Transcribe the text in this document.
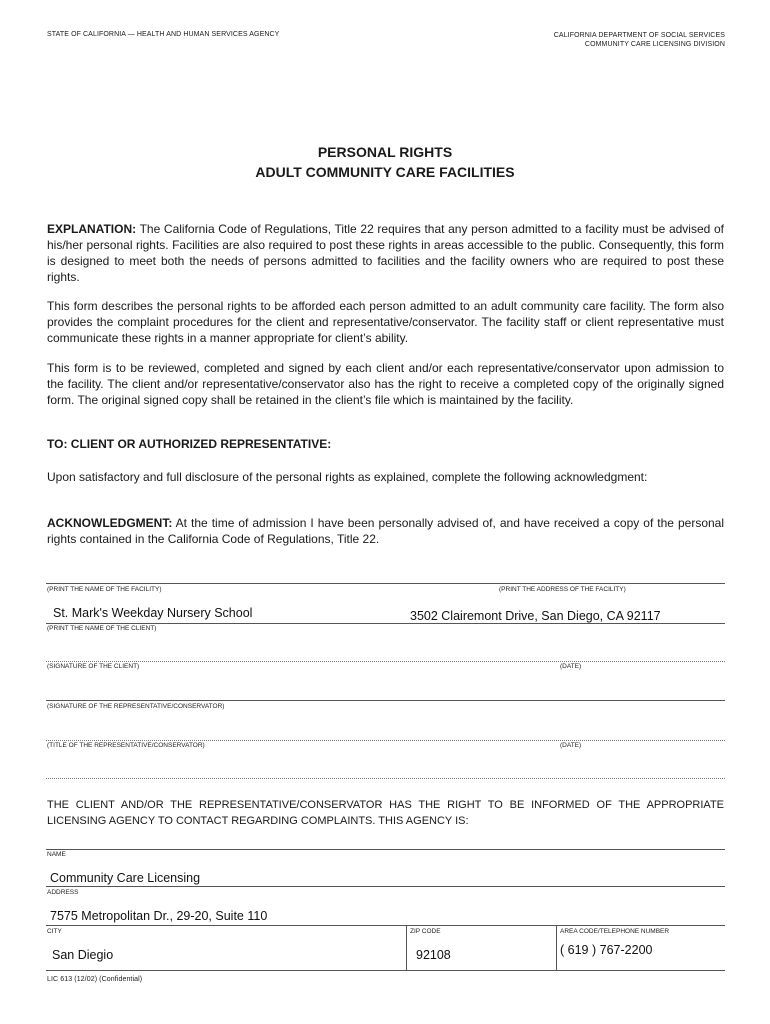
STATE OF CALIFORNIA — HEALTH AND HUMAN SERVICES AGENCY	CALIFORNIA DEPARTMENT OF SOCIAL SERVICES
COMMUNITY CARE LICENSING DIVISION
PERSONAL RIGHTS
ADULT COMMUNITY CARE FACILITIES
EXPLANATION: The California Code of Regulations, Title 22 requires that any person admitted to a facility must be advised of his/her personal rights. Facilities are also required to post these rights in areas accessible to the public. Consequently, this form is designed to meet both the needs of persons admitted to facilities and the facility owners who are required to post these rights.
This form describes the personal rights to be afforded each person admitted to an adult community care facility. The form also provides the complaint procedures for the client and representative/conservator. The facility staff or client representative must communicate these rights in a manner appropriate for client’s ability.
This form is to be reviewed, completed and signed by each client and/or each representative/conservator upon admission to the facility. The client and/or representative/conservator also has the right to receive a completed copy of the originally signed form. The original signed copy shall be retained in the client’s file which is maintained by the facility.
TO: CLIENT OR AUTHORIZED REPRESENTATIVE:
Upon satisfactory and full disclosure of the personal rights as explained, complete the following acknowledgment:
ACKNOWLEDGMENT: At the time of admission I have been personally advised of, and have received a copy of the personal rights contained in the California Code of Regulations, Title 22.
(PRINT THE NAME OF THE FACILITY)	(PRINT THE ADDRESS OF THE FACILITY)
St. Mark's Weekday Nursery School	3502 Clairemont Drive, San Diego, CA 92117
(PRINT THE NAME OF THE CLIENT)
(SIGNATURE OF THE CLIENT)	(DATE)
(SIGNATURE OF THE REPRESENTATIVE/CONSERVATOR)
(TITLE OF THE REPRESENTATIVE/CONSERVATOR)	(DATE)
THE CLIENT AND/OR THE REPRESENTATIVE/CONSERVATOR HAS THE RIGHT TO BE INFORMED OF THE APPROPRIATE LICENSING AGENCY TO CONTACT REGARDING COMPLAINTS. THIS AGENCY IS:
NAME
Community Care Licensing
ADDRESS
7575 Metropolitan Dr., 29-20, Suite 110
CITY	ZIP CODE	AREA CODE/TELEPHONE NUMBER
San Diegio	92108	( 619 ) 767-2200
LIC 613 (12/02) (Confidential)
